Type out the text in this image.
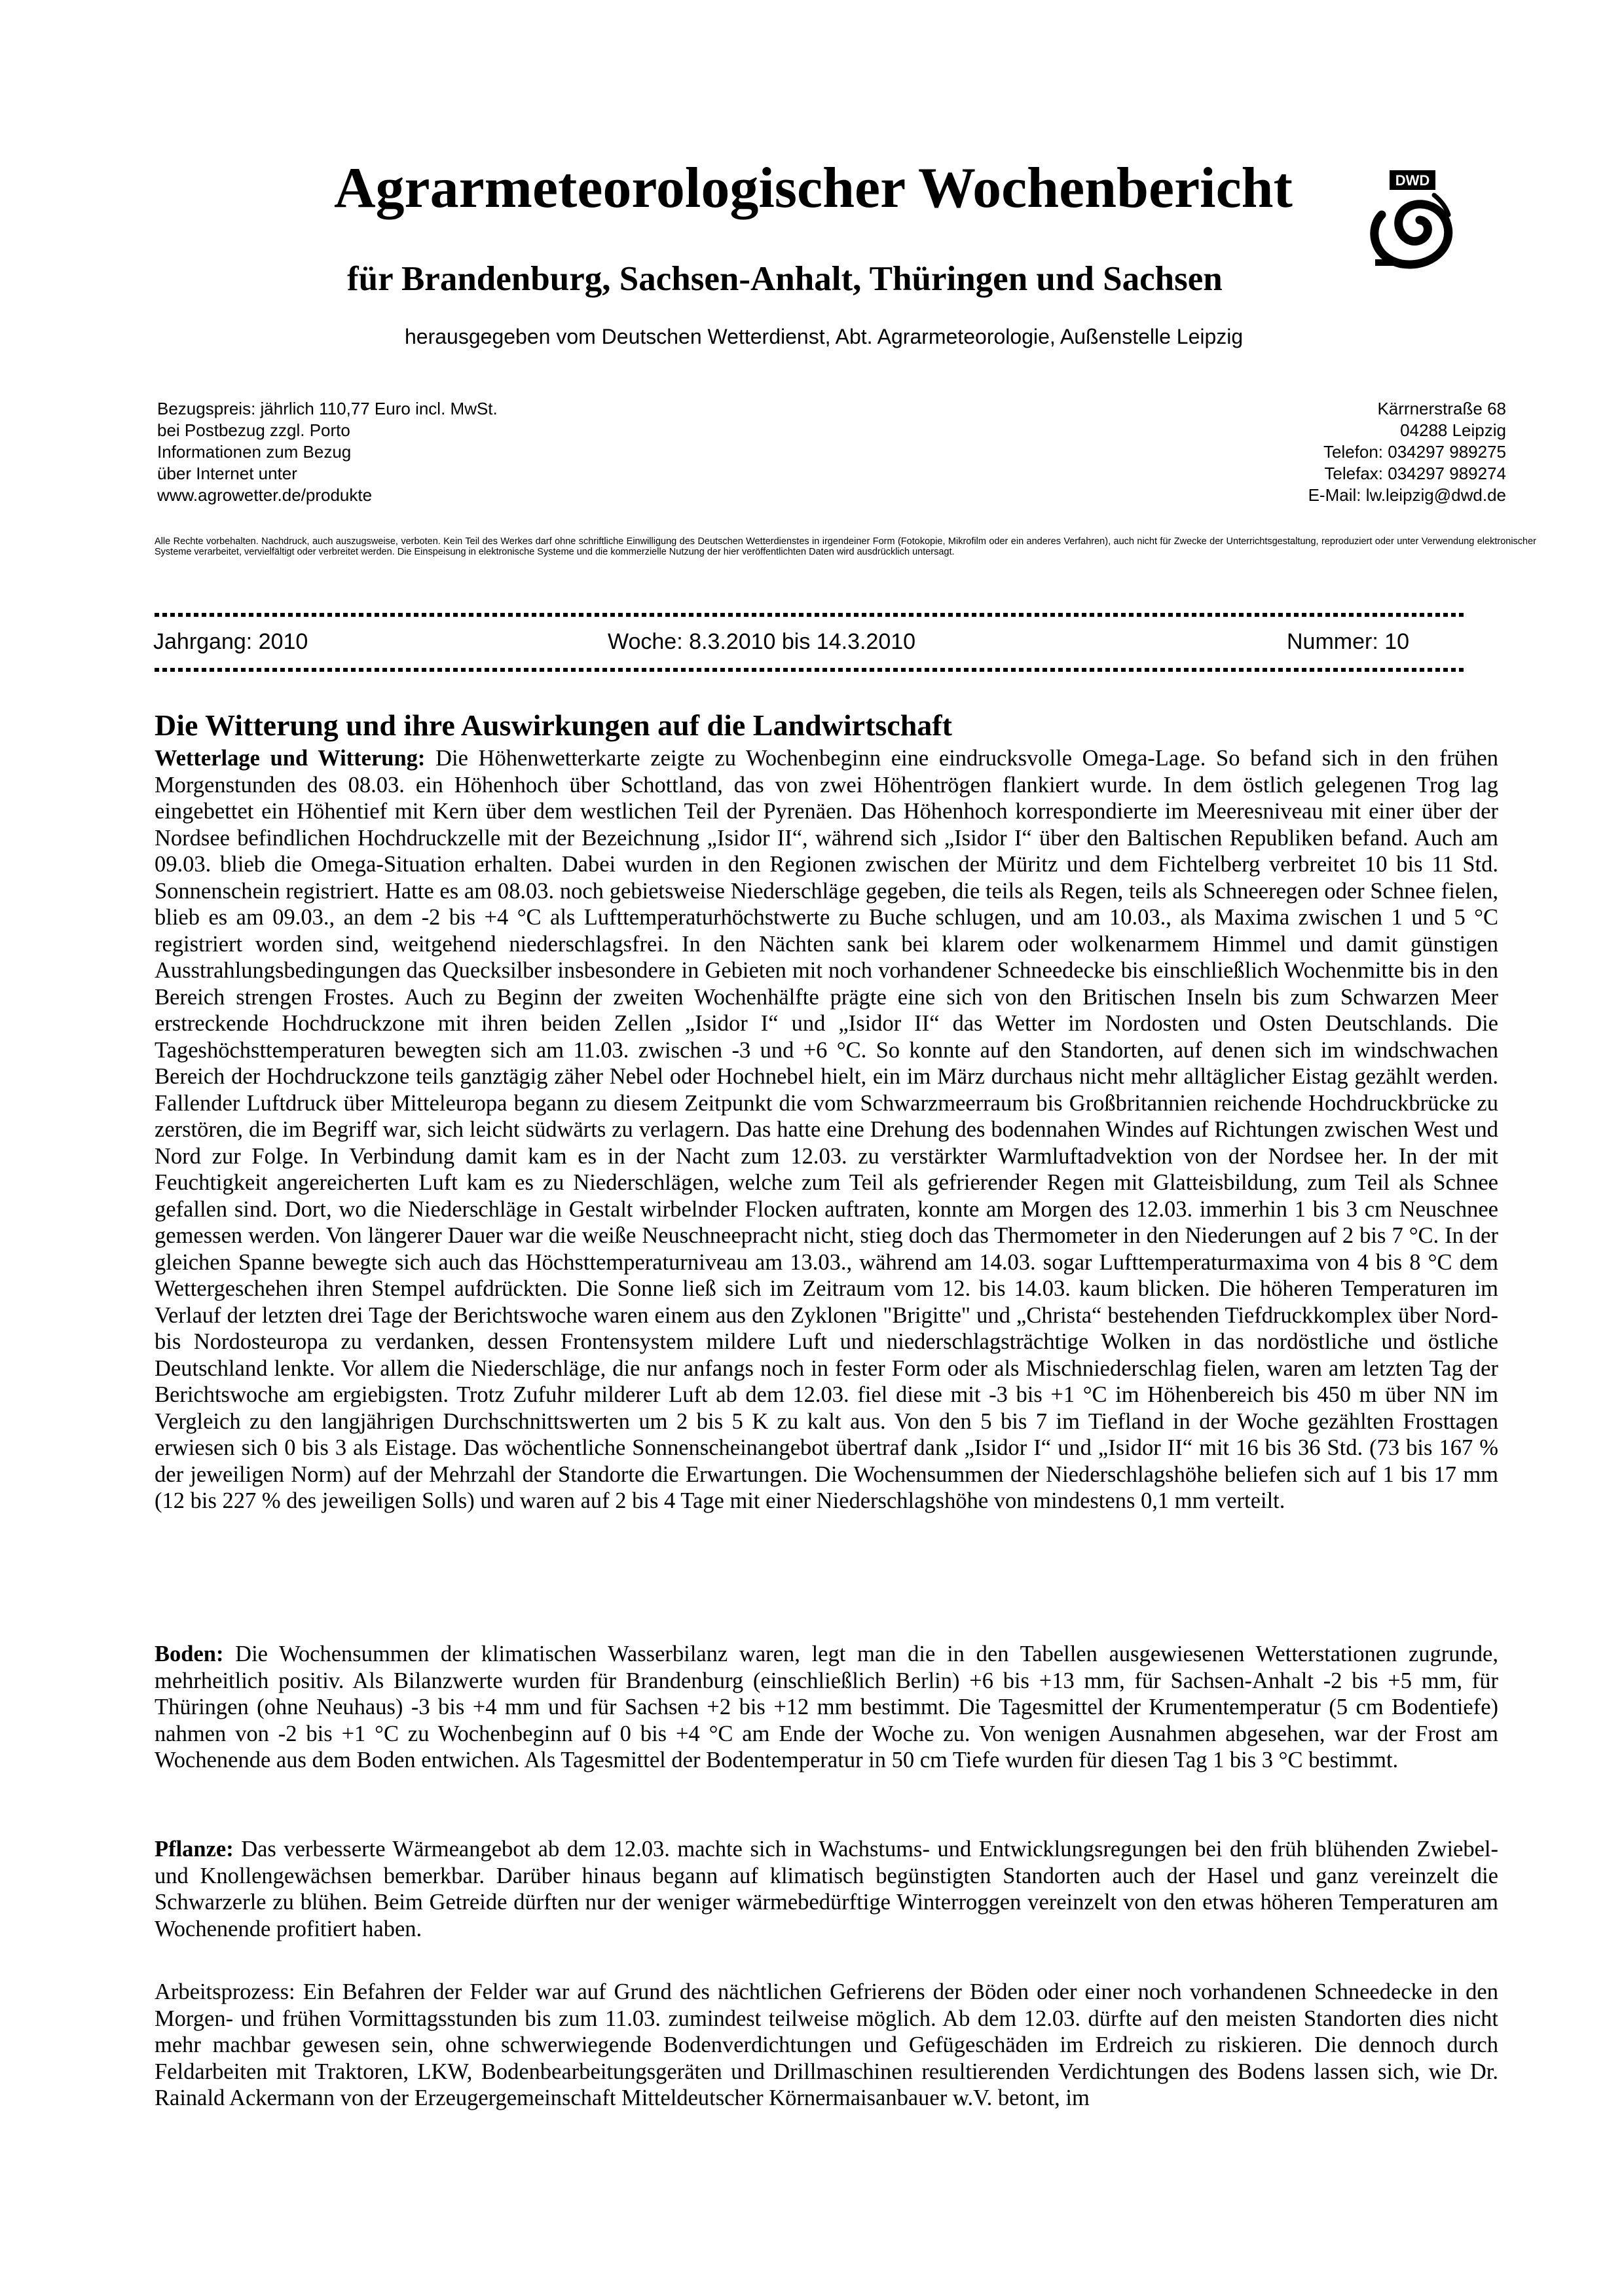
Agrarmeteorologischer Wochenbericht
für Brandenburg, Sachsen-Anhalt, Thüringen und Sachsen
herausgegeben vom Deutschen Wetterdienst, Abt. Agrarmeteorologie, Außenstelle Leipzig
DWD
Bezugspreis: jährlich 110,77 Euro incl. MwSt.
bei Postbezug zzgl. Porto
Informationen zum Bezug
über Internet unter
www.agrowetter.de/produkte
Kärrnerstraße 68
04288 Leipzig
Telefon: 034297 989275
Telefax: 034297 989274
E-Mail: lw.leipzig@dwd.de
Alle Rechte vorbehalten. Nachdruck, auch auszugsweise, verboten. Kein Teil des Werkes darf ohne schriftliche Einwilligung des Deutschen Wetterdienstes in irgendeiner Form (Fotokopie, Mikrofilm oder ein anderes Verfahren), auch nicht für Zwecke der Unterrichtsgestaltung, reproduziert oder unter Verwendung elektronischer Systeme verarbeitet, vervielfältigt oder verbreitet werden. Die Einspeisung in elektronische Systeme und die kommerzielle Nutzung der hier veröffentlichten Daten wird ausdrücklich untersagt.
Jahrgang: 2010	Woche: 8.3.2010 bis 14.3.2010	Nummer: 10
Die Witterung und ihre Auswirkungen auf die Landwirtschaft
Wetterlage und Witterung: Die Höhenwetterkarte zeigte zu Wochenbeginn eine eindrucksvolle Omega-Lage. So befand sich in den frühen Morgenstunden des 08.03. ein Höhenhoch über Schottland, das von zwei Höhentrögen flankiert wurde. In dem östlich gelegenen Trog lag eingebettet ein Höhentief mit Kern über dem westlichen Teil der Pyrenäen. Das Höhenhoch korrespondierte im Meeresniveau mit einer über der Nordsee befindlichen Hochdruckzelle mit der Bezeichnung „Isidor II“, während sich „Isidor I“ über den Baltischen Republiken befand. Auch am 09.03. blieb die Omega-Situation erhalten. Dabei wurden in den Regionen zwischen der Müritz und dem Fichtelberg verbreitet 10 bis 11 Std. Sonnenschein registriert. Hatte es am 08.03. noch gebietsweise Niederschläge gegeben, die teils als Regen, teils als Schneeregen oder Schnee fielen, blieb es am 09.03., an dem -2 bis +4 °C als Lufttemperaturhöchstwerte zu Buche schlugen, und am 10.03., als Maxima zwischen 1 und 5 °C registriert worden sind, weitgehend niederschlagsfrei. In den Nächten sank bei klarem oder wolkenarmem Himmel und damit günstigen Ausstrahlungsbedingungen das Quecksilber insbesondere in Gebieten mit noch vorhandener Schneedecke bis einschließlich Wochenmitte bis in den Bereich strengen Frostes. Auch zu Beginn der zweiten Wochenhälfte prägte eine sich von den Britischen Inseln bis zum Schwarzen Meer erstreckende Hochdruckzone mit ihren beiden Zellen „Isidor I“ und „Isidor II“ das Wetter im Nordosten und Osten Deutschlands. Die Tageshöchsttemperaturen bewegten sich am 11.03. zwischen -3 und +6 °C. So konnte auf den Standorten, auf denen sich im windschwachen Bereich der Hochdruckzone teils ganztägig zäher Nebel oder Hochnebel hielt, ein im März durchaus nicht mehr alltäglicher Eistag gezählt werden. Fallender Luftdruck über Mitteleuropa begann zu diesem Zeitpunkt die vom Schwarzmeerraum bis Großbritannien reichende Hochdruckbrücke zu zerstören, die im Begriff war, sich leicht südwärts zu verlagern. Das hatte eine Drehung des bodennahen Windes auf Richtungen zwischen West und Nord zur Folge. In Verbindung damit kam es in der Nacht zum 12.03. zu verstärkter Warmluftadvektion von der Nordsee her. In der mit Feuchtigkeit angereicherten Luft kam es zu Niederschlägen, welche zum Teil als gefrierender Regen mit Glatteisbildung, zum Teil als Schnee gefallen sind. Dort, wo die Niederschläge in Gestalt wirbelnder Flocken auftraten, konnte am Morgen des 12.03. immerhin 1 bis 3 cm Neuschnee gemessen werden. Von längerer Dauer war die weiße Neuschneepracht nicht, stieg doch das Thermometer in den Niederungen auf 2 bis 7 °C. In der gleichen Spanne bewegte sich auch das Höchsttemperaturniveau am 13.03., während am 14.03. sogar Lufttemperaturmaxima von 4 bis 8 °C dem Wettergeschehen ihren Stempel aufdrückten. Die Sonne ließ sich im Zeitraum vom 12. bis 14.03. kaum blicken. Die höheren Temperaturen im Verlauf der letzten drei Tage der Berichtswoche waren einem aus den Zyklonen "Brigitte" und „Christa“ bestehenden Tiefdruckkomplex über Nord- bis Nordosteuropa zu verdanken, dessen Frontensystem mildere Luft und niederschlagsträchtige Wolken in das nordöstliche und östliche Deutschland lenkte. Vor allem die Niederschläge, die nur anfangs noch in fester Form oder als Mischniederschlag fielen, waren am letzten Tag der Berichtswoche am ergiebigsten. Trotz Zufuhr milderer Luft ab dem 12.03. fiel diese mit -3 bis +1 °C im Höhenbereich bis 450 m über NN im Vergleich zu den langjährigen Durchschnittswerten um 2 bis 5 K zu kalt aus. Von den 5 bis 7 im Tiefland in der Woche gezählten Frosttagen erwiesen sich 0 bis 3 als Eistage. Das wöchentliche Sonnenscheinangebot übertraf dank „Isidor I“ und „Isidor II“ mit 16 bis 36 Std. (73 bis 167 % der jeweiligen Norm) auf der Mehrzahl der Standorte die Erwartungen. Die Wochensummen der Niederschlagshöhe beliefen sich auf 1 bis 17 mm (12 bis 227 % des jeweiligen Solls) und waren auf 2 bis 4 Tage mit einer Niederschlagshöhe von mindestens 0,1 mm verteilt.
Boden: Die Wochensummen der klimatischen Wasserbilanz waren, legt man die in den Tabellen ausgewiesenen Wetterstationen zugrunde, mehrheitlich positiv. Als Bilanzwerte wurden für Brandenburg (einschließlich Berlin) +6 bis +13 mm, für Sachsen-Anhalt -2 bis +5 mm, für Thüringen (ohne Neuhaus) -3 bis +4 mm und für Sachsen +2 bis +12 mm bestimmt. Die Tagesmittel der Krumentemperatur (5 cm Bodentiefe) nahmen von -2 bis +1 °C zu Wochenbeginn auf 0 bis +4 °C am Ende der Woche zu. Von wenigen Ausnahmen abgesehen, war der Frost am Wochenende aus dem Boden entwichen. Als Tagesmittel der Bodentemperatur in 50 cm Tiefe wurden für diesen Tag 1 bis 3 °C bestimmt.
Pflanze: Das verbesserte Wärmeangebot ab dem 12.03. machte sich in Wachstums- und Entwicklungsregungen bei den früh blühenden Zwiebel- und Knollengewächsen bemerkbar. Darüber hinaus begann auf klimatisch begünstigten Standorten auch der Hasel und ganz vereinzelt die Schwarzerle zu blühen. Beim Getreide dürften nur der weniger wärmebedürftige Winterroggen vereinzelt von den etwas höheren Temperaturen am Wochenende profitiert haben.
Arbeitsprozess: Ein Befahren der Felder war auf Grund des nächtlichen Gefrierens der Böden oder einer noch vorhandenen Schneedecke in den Morgen- und frühen Vormittagsstunden bis zum 11.03. zumindest teilweise möglich. Ab dem 12.03. dürfte auf den meisten Standorten dies nicht mehr machbar gewesen sein, ohne schwerwiegende Bodenverdichtungen und Gefügeschäden im Erdreich zu riskieren. Die dennoch durch Feldarbeiten mit Traktoren, LKW, Bodenbearbeitungsgeräten und Drillmaschinen resultierenden Verdichtungen des Bodens lassen sich, wie Dr. Rainald Ackermann von der Erzeugergemeinschaft Mitteldeutscher Körnermaisanbauer w.V. betont, im
